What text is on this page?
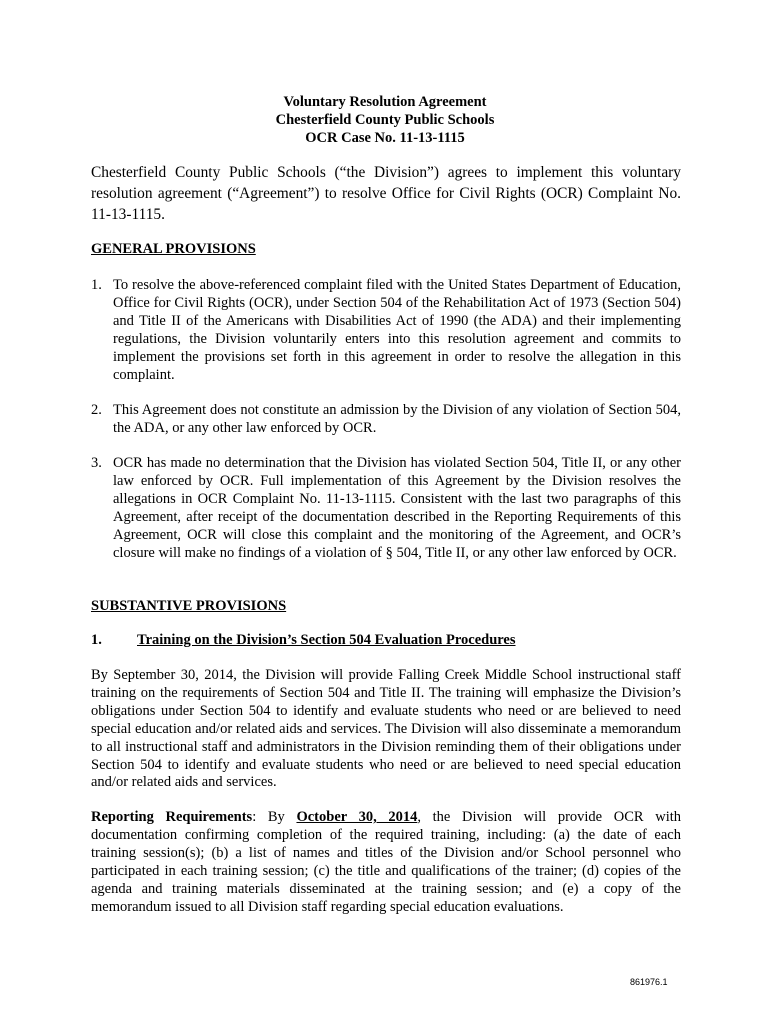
Voluntary Resolution Agreement
Chesterfield County Public Schools
OCR Case No. 11-13-1115
Chesterfield County Public Schools (“the Division”) agrees to implement this voluntary resolution agreement (“Agreement”) to resolve Office for Civil Rights (OCR) Complaint No. 11-13-1115.
GENERAL PROVISIONS
1. To resolve the above-referenced complaint filed with the United States Department of Education, Office for Civil Rights (OCR), under Section 504 of the Rehabilitation Act of 1973 (Section 504) and Title II of the Americans with Disabilities Act of 1990 (the ADA) and their implementing regulations, the Division voluntarily enters into this resolution agreement and commits to implement the provisions set forth in this agreement in order to resolve the allegation in this complaint.
2. This Agreement does not constitute an admission by the Division of any violation of Section 504, the ADA, or any other law enforced by OCR.
3. OCR has made no determination that the Division has violated Section 504, Title II, or any other law enforced by OCR. Full implementation of this Agreement by the Division resolves the allegations in OCR Complaint No. 11-13-1115. Consistent with the last two paragraphs of this Agreement, after receipt of the documentation described in the Reporting Requirements of this Agreement, OCR will close this complaint and the monitoring of the Agreement, and OCR’s closure will make no findings of a violation of § 504, Title II, or any other law enforced by OCR.
SUBSTANTIVE PROVISIONS
1. Training on the Division’s Section 504 Evaluation Procedures
By September 30, 2014, the Division will provide Falling Creek Middle School instructional staff training on the requirements of Section 504 and Title II. The training will emphasize the Division’s obligations under Section 504 to identify and evaluate students who need or are believed to need special education and/or related aids and services. The Division will also disseminate a memorandum to all instructional staff and administrators in the Division reminding them of their obligations under Section 504 to identify and evaluate students who need or are believed to need special education and/or related aids and services.
Reporting Requirements: By October 30, 2014, the Division will provide OCR with documentation confirming completion of the required training, including: (a) the date of each training session(s); (b) a list of names and titles of the Division and/or School personnel who participated in each training session; (c) the title and qualifications of the trainer; (d) copies of the agenda and training materials disseminated at the training session; and (e) a copy of the memorandum issued to all Division staff regarding special education evaluations.
861976.1
